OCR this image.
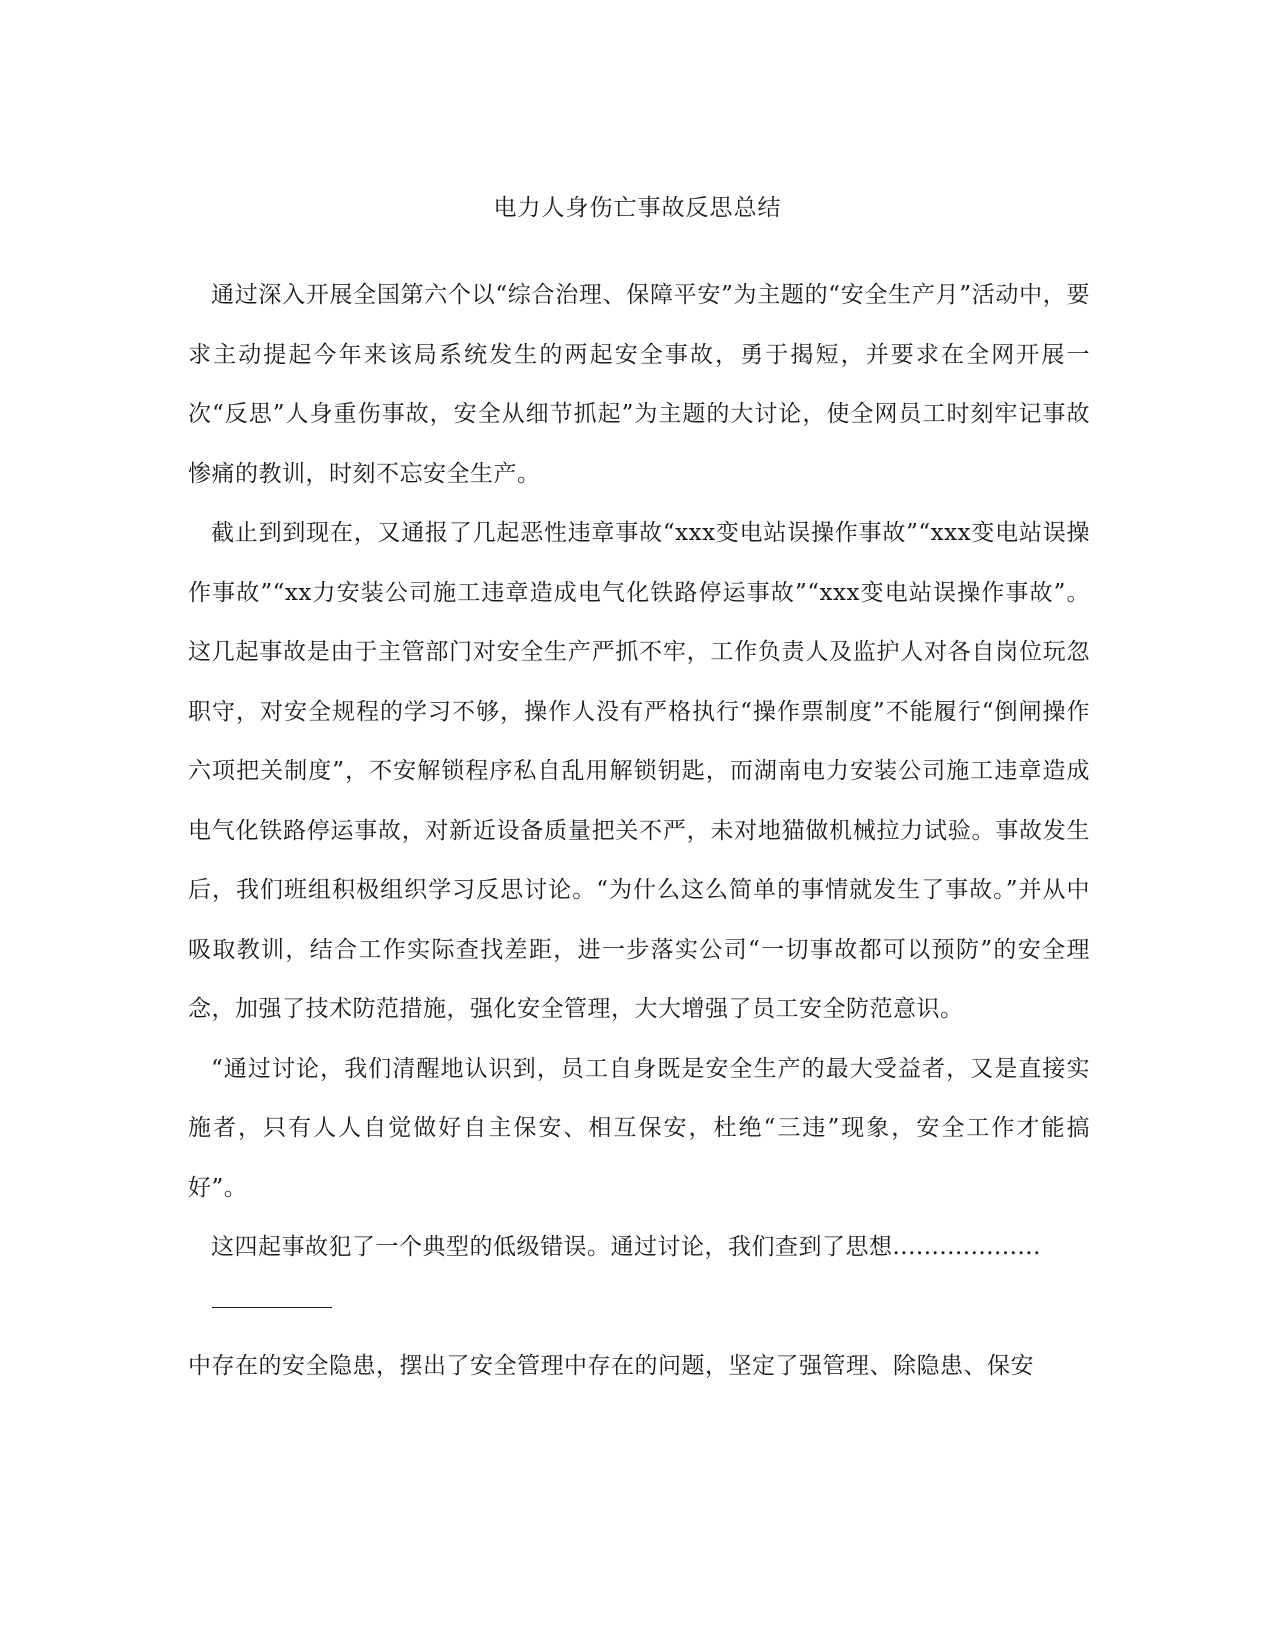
电力人身伤亡事故反思总结

通过深入开展全国第六个以“综合治理、保障平安”为主题的“安全生产月”活动中，要求主动提起今年来该局系统发生的两起安全事故，勇于揭短，并要求在全网开展一次“反思”人身重伤事故，安全从细节抓起”为主题的大讨论，使全网员工时刻牢记事故惨痛的教训，时刻不忘安全生产。

截止到到现在，又通报了几起恶性违章事故“xxx变电站误操作事故”“xxx变电站误操作事故”“xx力安装公司施工违章造成电气化铁路停运事故”“xxx变电站误操作事故”。这几起事故是由于主管部门对安全生产严抓不牢，工作负责人及监护人对各自岗位玩忽职守，对安全规程的学习不够，操作人没有严格执行“操作票制度”不能履行“倒闸操作六项把关制度”，不安解锁程序私自乱用解锁钥匙，而湖南电力安装公司施工违章造成电气化铁路停运事故，对新近设备质量把关不严，未对地猫做机械拉力试验。事故发生后，我们班组积极组织学习反思讨论。“为什么这么简单的事情就发生了事故。”并从中吸取教训，结合工作实际查找差距，进一步落实公司“一切事故都可以预防”的安全理念，加强了技术防范措施，强化安全管理，大大增强了员工安全防范意识。

“通过讨论，我们清醒地认识到，员工自身既是安全生产的最大受益者，又是直接实施者，只有人人自觉做好自主保安、相互保安，杜绝“三违”现象，安全工作才能搞好”。

这四起事故犯了一个典型的低级错误。通过讨论，我们查到了思想...................

中存在的安全隐患，摆出了安全管理中存在的问题，坚定了强管理、除隐患、保安
